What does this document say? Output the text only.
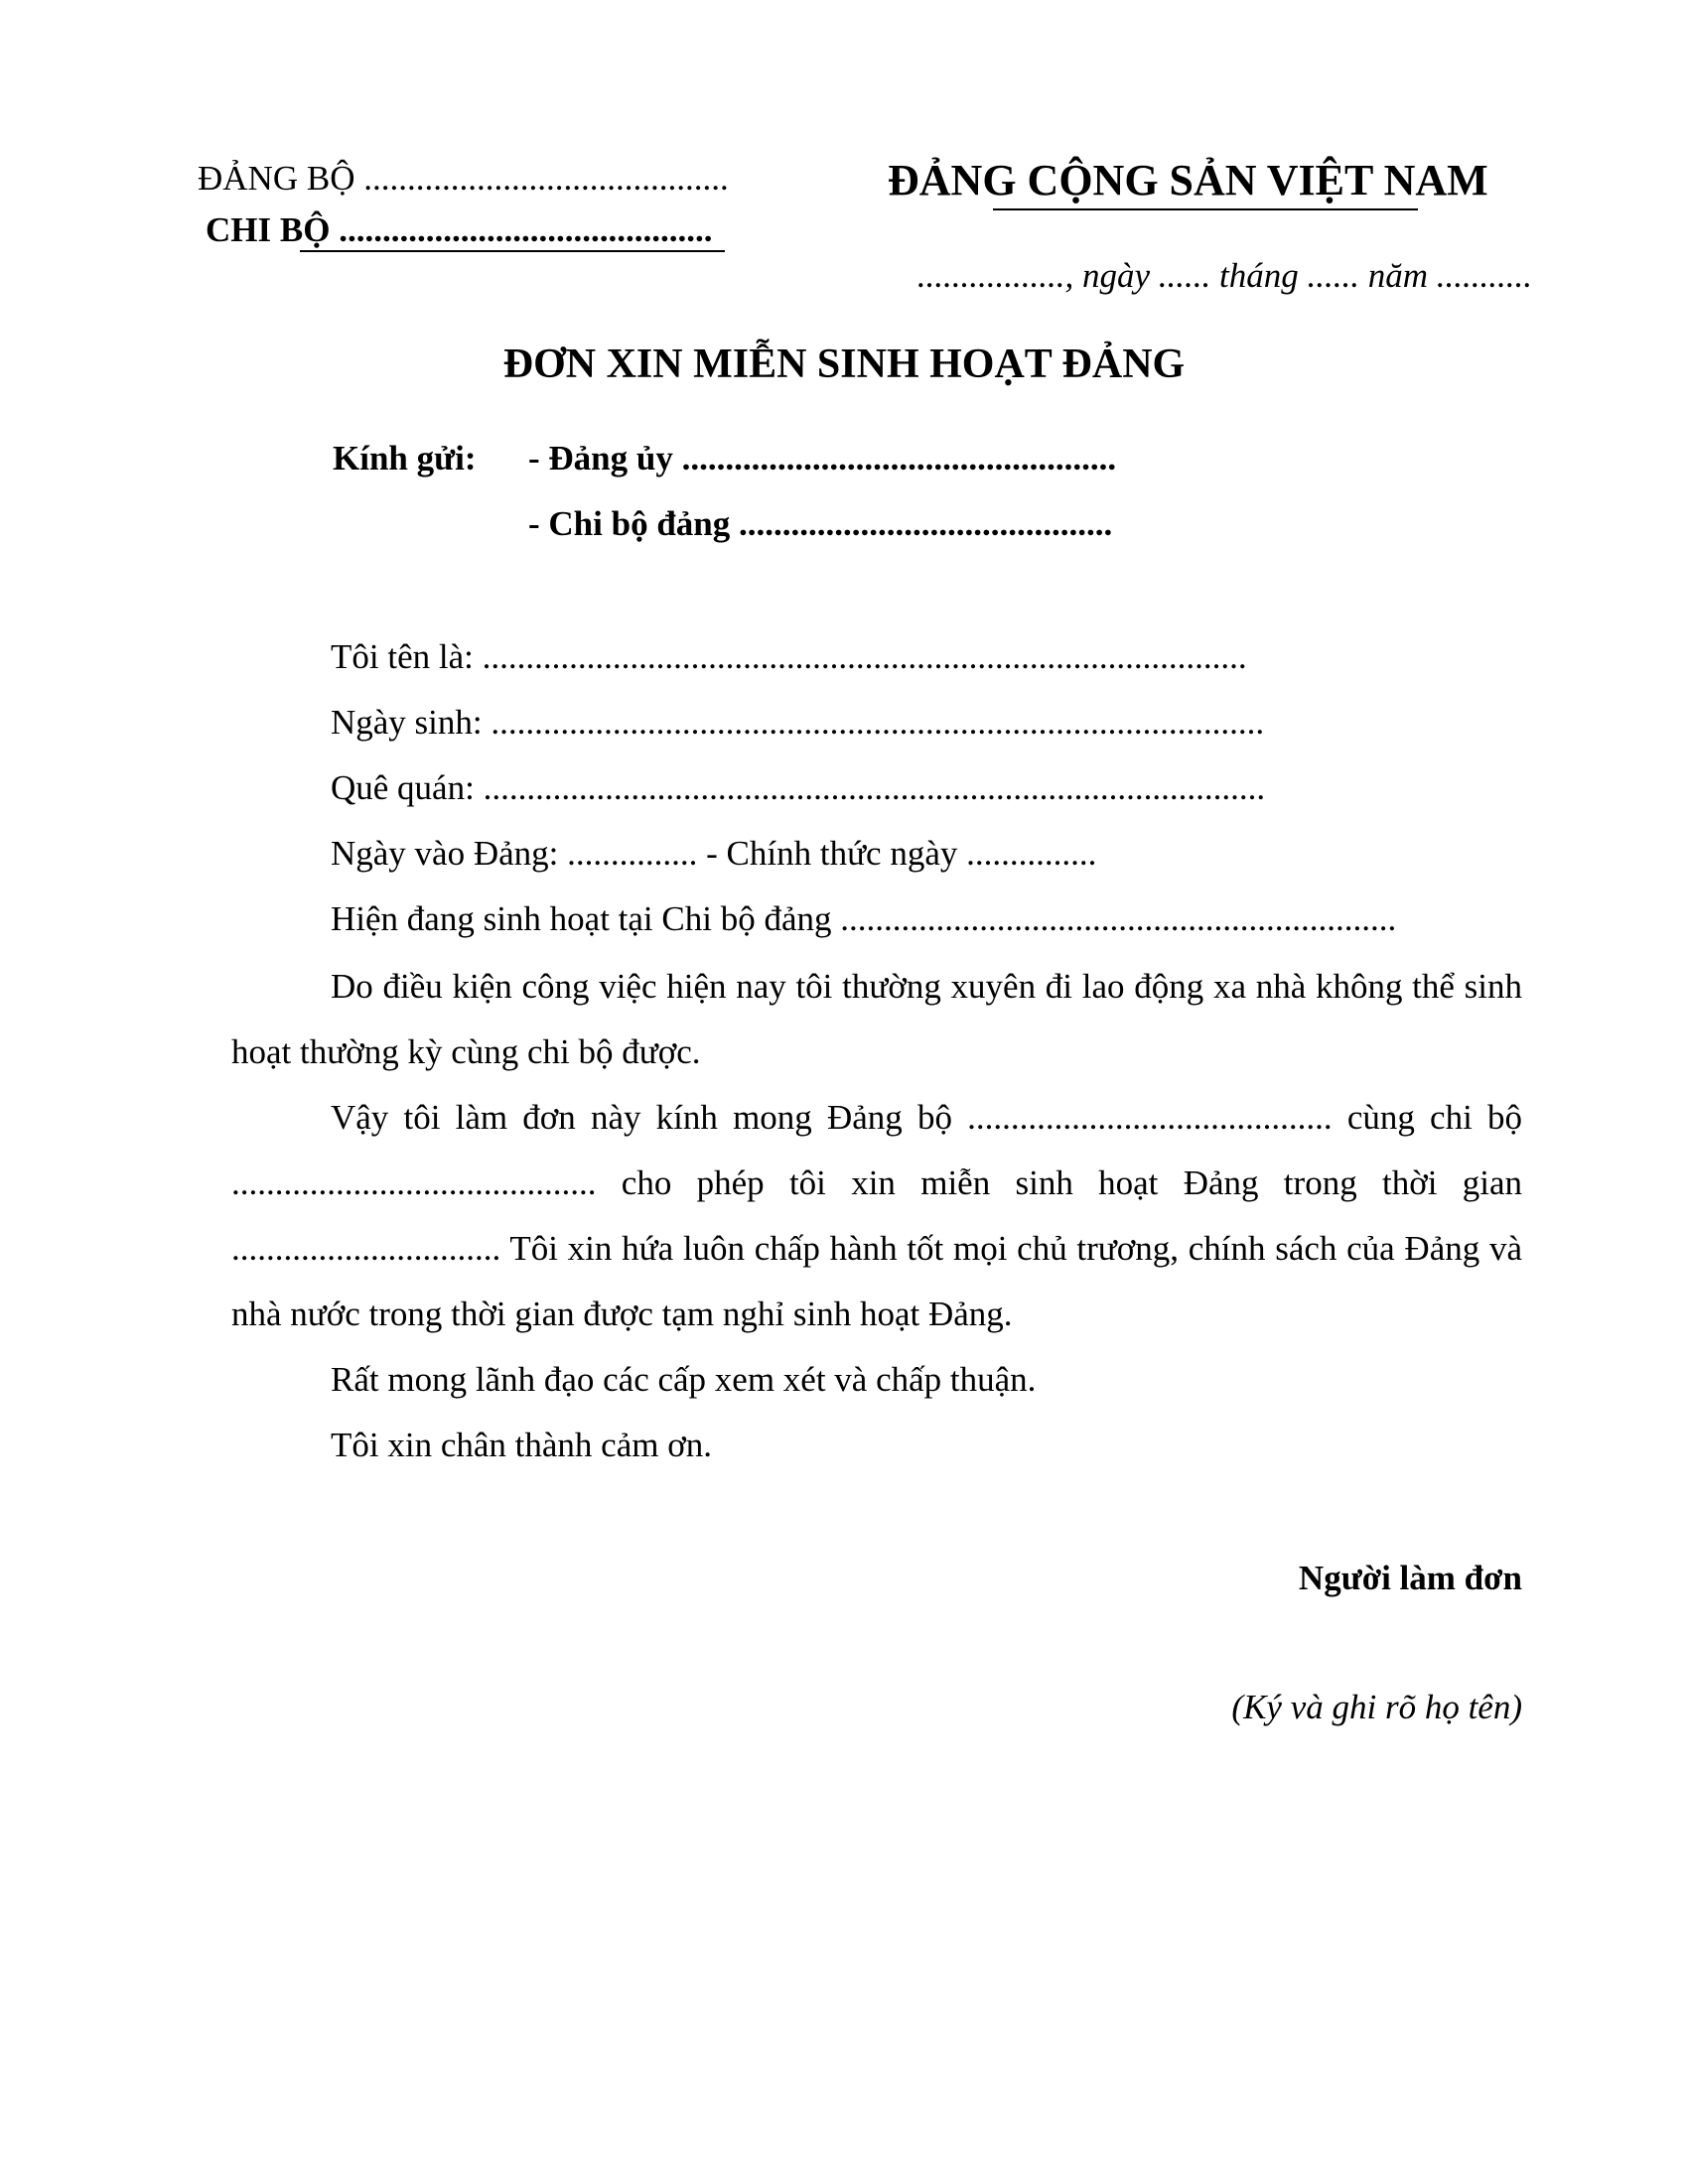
ĐẢNG BỘ ..........................................
CHI BỘ ...........................................
ĐẢNG CỘNG SẢN VIỆT NAM
................., ngày ...... tháng ...... năm ...........
ĐƠN XIN MIỄN SINH HOẠT ĐẢNG
Kính gửi: - Đảng ủy ..................................................
- Chi bộ đảng ...........................................
Tôi tên là: ........................................................................................
Ngày sinh: .........................................................................................
Quê quán: ..........................................................................................
Ngày vào Đảng: ............... - Chính thức ngày ...............
Hiện đang sinh hoạt tại Chi bộ đảng ................................................................
Do điều kiện công việc hiện nay tôi thường xuyên đi lao động xa nhà không thể sinh hoạt thường kỳ cùng chi bộ được.
Vậy tôi làm đơn này kính mong Đảng bộ .......................................... cùng chi bộ .......................................... cho phép tôi xin miễn sinh hoạt Đảng trong thời gian ............................... Tôi xin hứa luôn chấp hành tốt mọi chủ trương, chính sách của Đảng và nhà nước trong thời gian được tạm nghỉ sinh hoạt Đảng.
Rất mong lãnh đạo các cấp xem xét và chấp thuận.
Tôi xin chân thành cảm ơn.
Người làm đơn
(Ký và ghi rõ họ tên)
